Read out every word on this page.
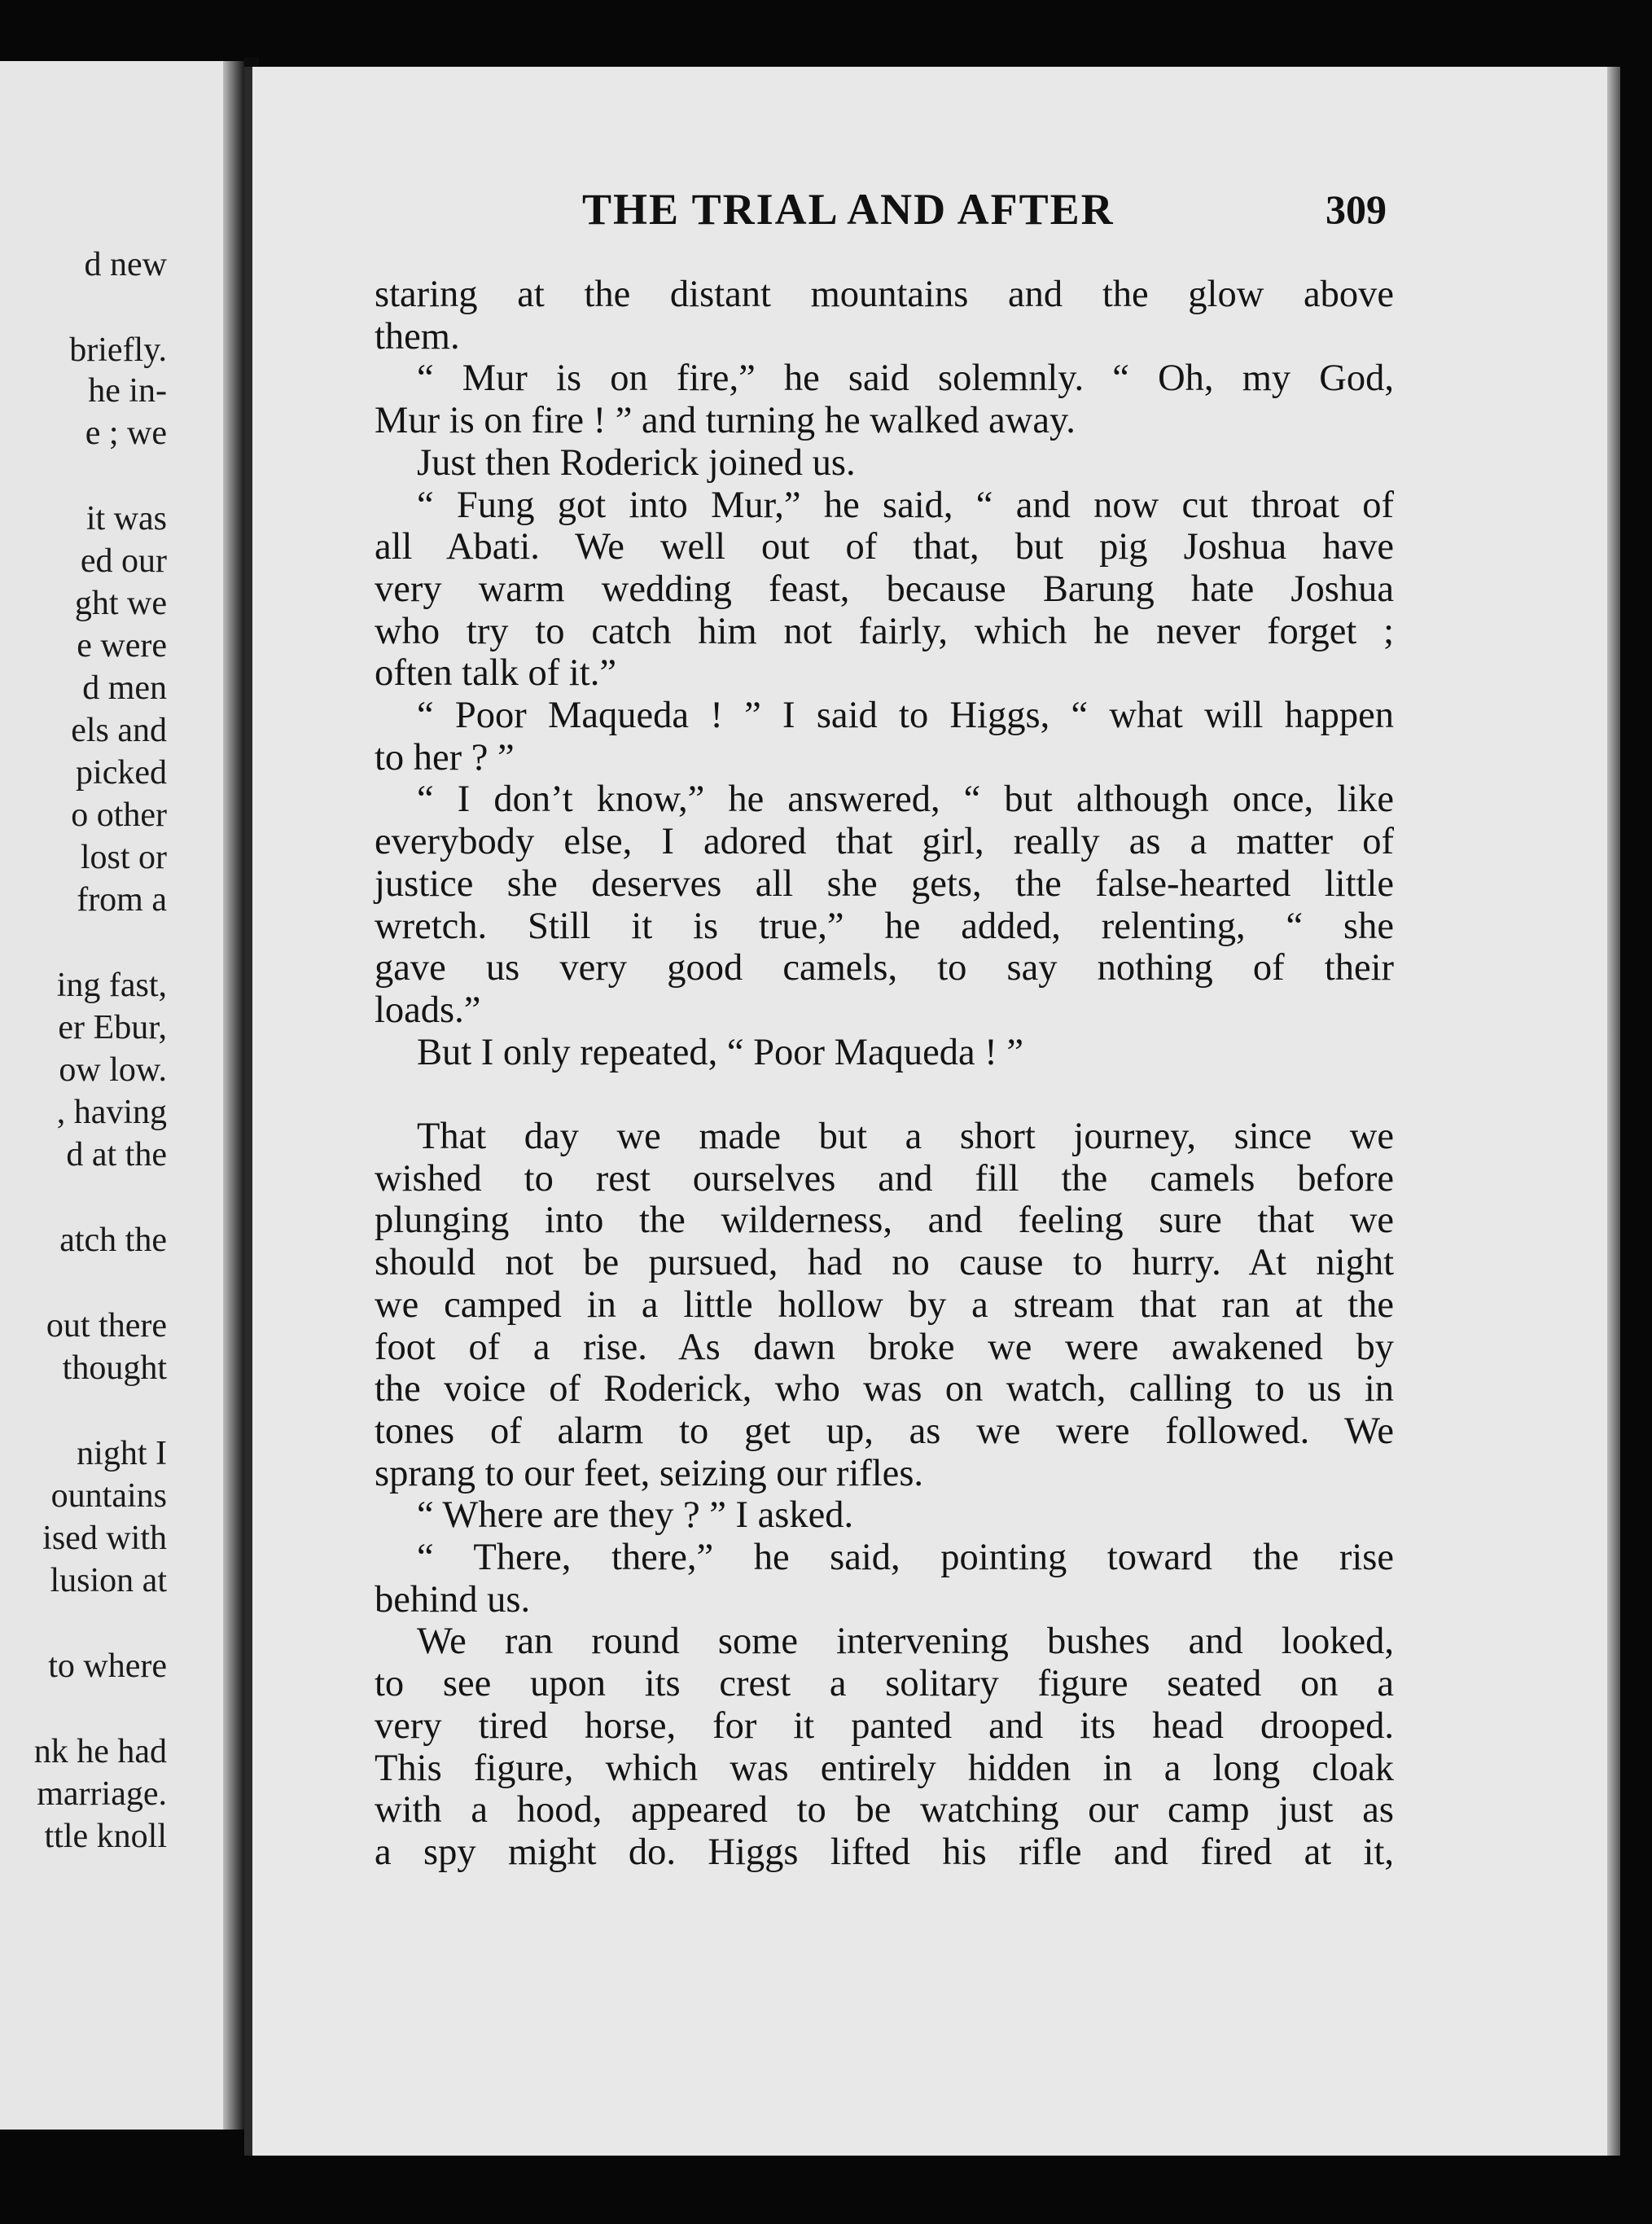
d new
briefly.
he in-
e ; we
it was
ed our
ght we
e were
d men
els and
picked
o other
lost or
from a
ing fast,
er Ebur,
ow low.
, having
d at the
atch the
out there
thought
night I
ountains
ised with
lusion at
to where
nk he had
marriage.
ttle knoll
THE TRIAL AND AFTER	309
staring at the distant mountains and the glow above
them.
“ Mur is on fire,” he said solemnly. “ Oh, my God,
Mur is on fire ! ” and turning he walked away.
Just then Roderick joined us.
“ Fung got into Mur,” he said, “ and now cut throat of
all Abati. We well out of that, but pig Joshua have
very warm wedding feast, because Barung hate Joshua
who try to catch him not fairly, which he never forget ;
often talk of it.”
“ Poor Maqueda ! ” I said to Higgs, “ what will happen
to her ? ”
“ I don’t know,” he answered, “ but although once, like
everybody else, I adored that girl, really as a matter of
justice she deserves all she gets, the false-hearted little
wretch. Still it is true,” he added, relenting, “ she
gave us very good camels, to say nothing of their
loads.”
But I only repeated, “ Poor Maqueda ! ”
That day we made but a short journey, since we
wished to rest ourselves and fill the camels before
plunging into the wilderness, and feeling sure that we
should not be pursued, had no cause to hurry. At night
we camped in a little hollow by a stream that ran at the
foot of a rise. As dawn broke we were awakened by
the voice of Roderick, who was on watch, calling to us in
tones of alarm to get up, as we were followed. We
sprang to our feet, seizing our rifles.
“ Where are they ? ” I asked.
“ There, there,” he said, pointing toward the rise
behind us.
We ran round some intervening bushes and looked,
to see upon its crest a solitary figure seated on a
very tired horse, for it panted and its head drooped.
This figure, which was entirely hidden in a long cloak
with a hood, appeared to be watching our camp just as
a spy might do. Higgs lifted his rifle and fired at it,
